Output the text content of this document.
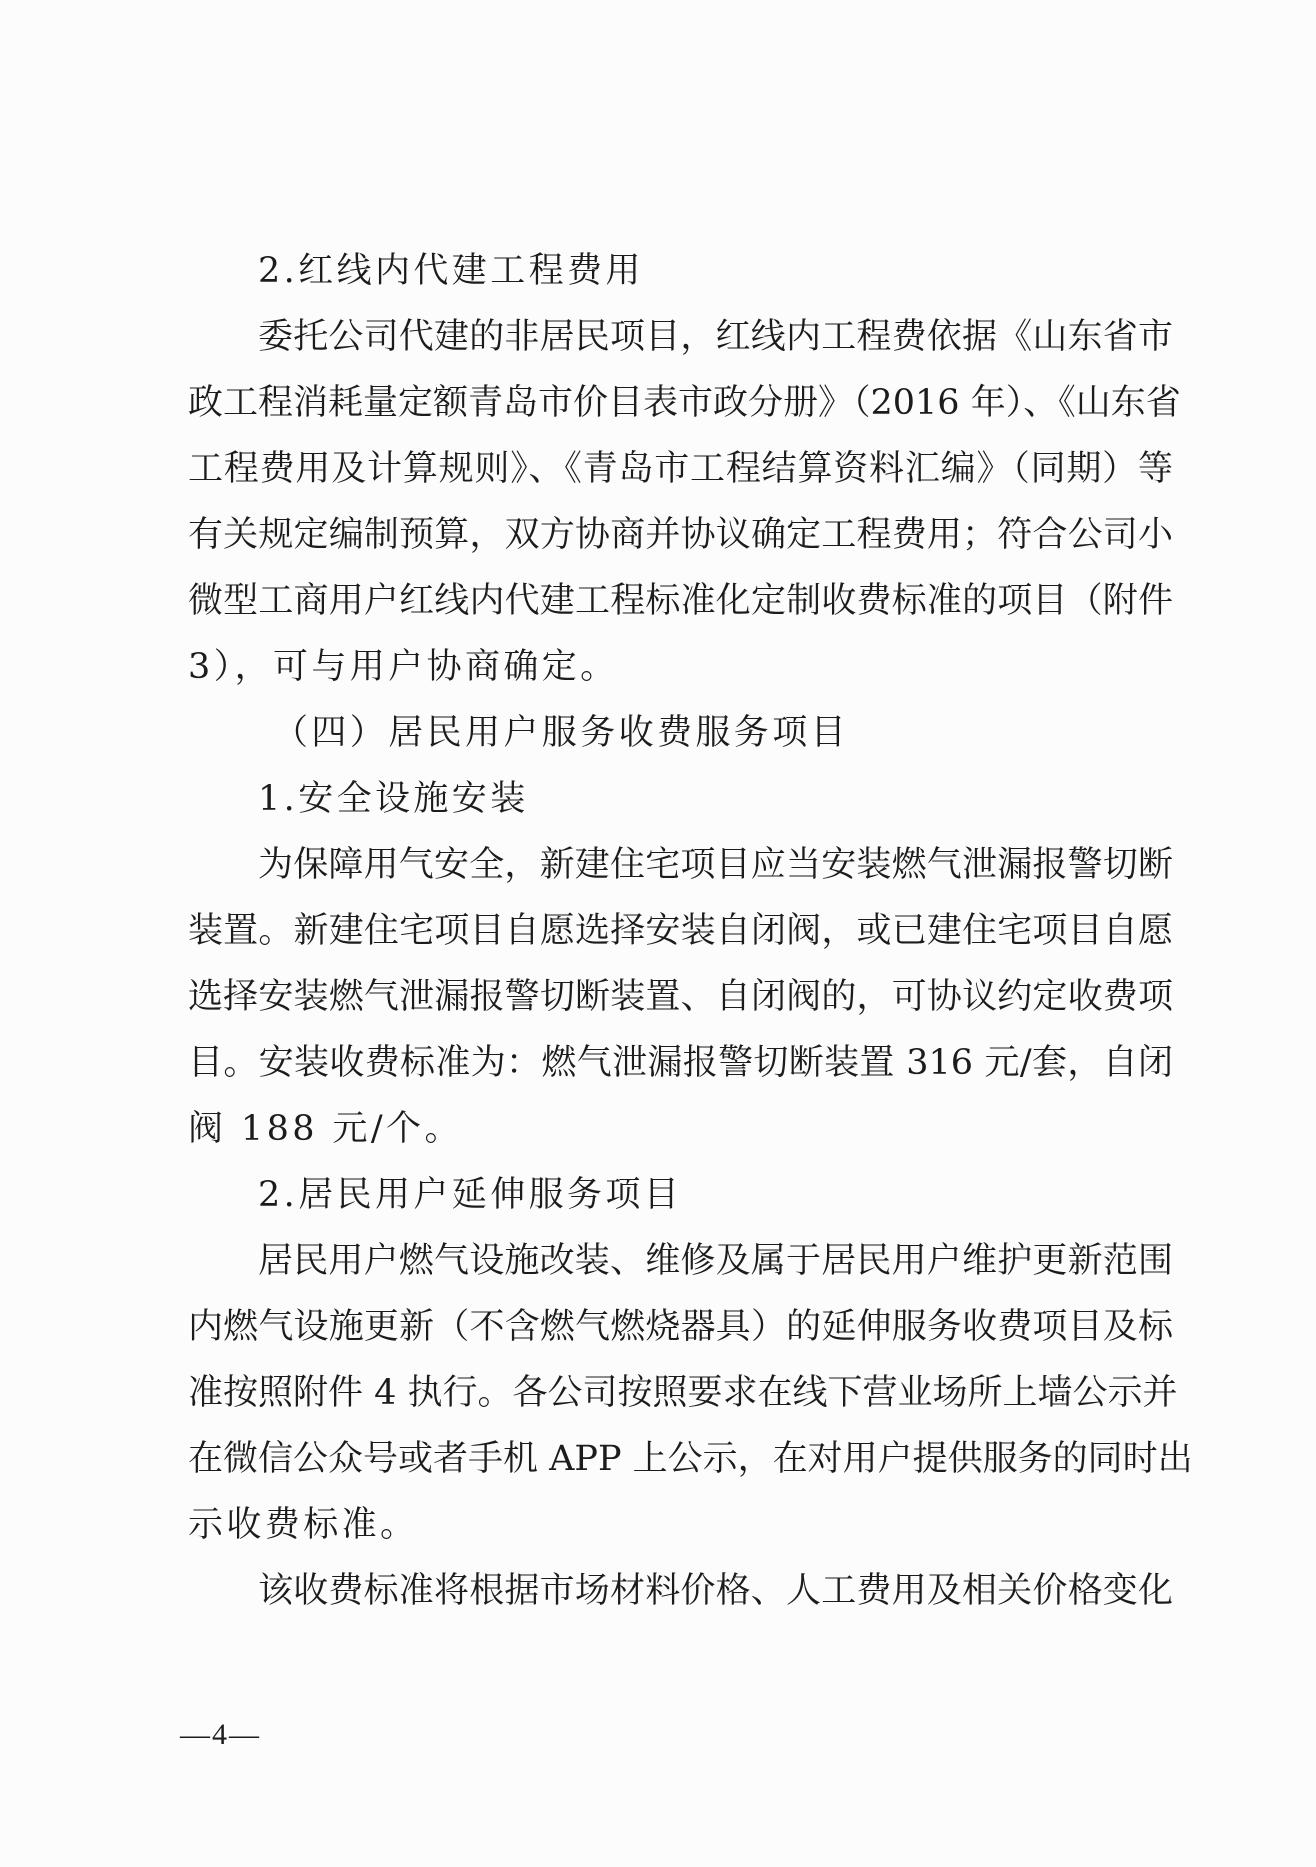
2.红线内代建工程费用
委托公司代建的非居民项目，红线内工程费依据《山东省市
政工程消耗量定额青岛市价目表市政分册》（2016 年）、《山东省
工程费用及计算规则》、《青岛市工程结算资料汇编》（同期）等
有关规定编制预算，双方协商并协议确定工程费用；符合公司小
微型工商用户红线内代建工程标准化定制收费标准的项目（附件
3），可与用户协商确定。
（四）居民用户服务收费服务项目
1.安全设施安装
为保障用气安全，新建住宅项目应当安装燃气泄漏报警切断
装置。新建住宅项目自愿选择安装自闭阀，或已建住宅项目自愿
选择安装燃气泄漏报警切断装置、自闭阀的，可协议约定收费项
目。安装收费标准为：燃气泄漏报警切断装置 316 元/套，自闭
阀 188 元/个。
2.居民用户延伸服务项目
居民用户燃气设施改装、维修及属于居民用户维护更新范围
内燃气设施更新（不含燃气燃烧器具）的延伸服务收费项目及标
准按照附件 4 执行。各公司按照要求在线下营业场所上墙公示并
在微信公众号或者手机 APP 上公示，在对用户提供服务的同时出
示收费标准。
该收费标准将根据市场材料价格、人工费用及相关价格变化
—4—
